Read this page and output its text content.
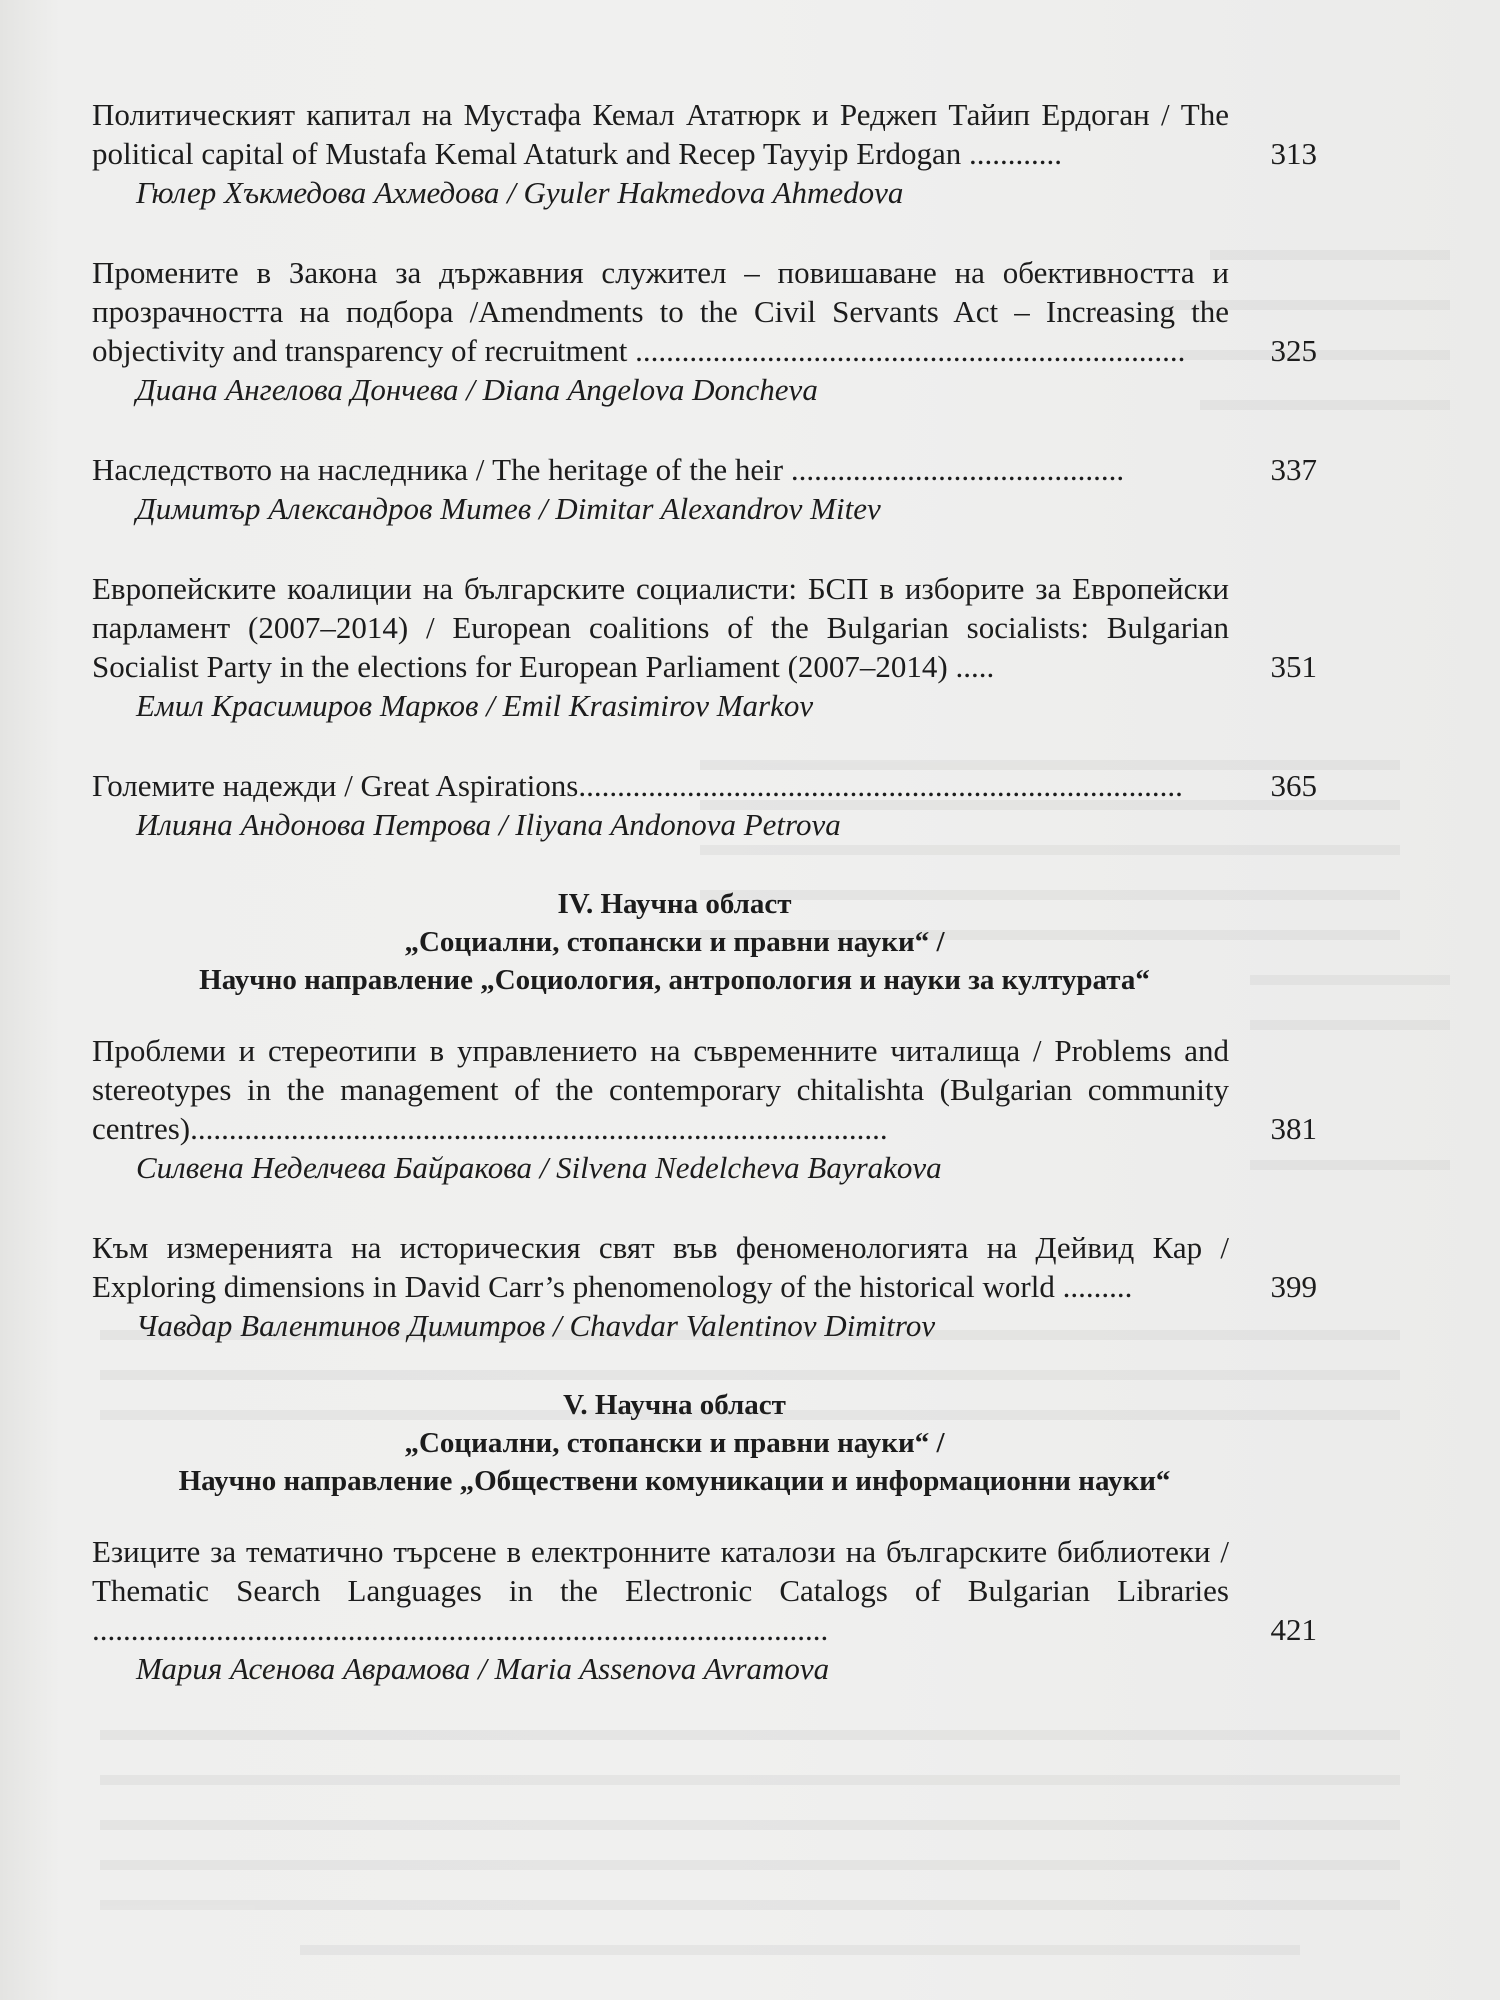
Политическият капитал на Мустафа Кемал Ататюрк и Реджеп Тайип Ердоган / The political capital of Mustafa Kemal Ataturk and Recep Tayyip Erdogan ............	313
Гюлер Хъкмедова Ахмедова / Gyuler Hakmedova Ahmedova
Промените в Закона за държавния служител – повишаване на обективността и прозрачността на подбора /Amendments to the Civil Servants Act – Increasing the objectivity and transparency of recruitment .......................................................................	325
Диана Ангелова Дончева / Diana Angelova Doncheva
Наследството на наследника / The heritage of the heir ...........................................	337
Димитър Александров Митев / Dimitar Alexandrov Mitev
Европейските коалиции на българските социалисти: БСП в изборите за Европейски парламент (2007–2014) / European coalitions of the Bulgarian socialists: Bulgarian Socialist Party in the elections for European Parliament (2007–2014) .....	351
Емил Красимиров Марков / Emil Krasimirov Markov
Големите надежди / Great Aspirations..............................................................................	365
Илияна Андонова Петрова / Iliyana Andonova Petrova
IV. Научна област
„Социални, стопански и правни науки“ /
Научно направление „Социология, антропология и науки за културата“
Проблеми и стереотипи в управлението на съвременните читалища / Problems and stereotypes in the management of the contemporary chitalishta (Bulgarian community centres)..........................................................................................	381
Силвена Неделчева Байракова / Silvena Nedelcheva Bayrakova
Към измеренията на историческия свят във феноменологията на Дейвид Кар / Exploring dimensions in David Carr’s phenomenology of the historical world .........	399
Чавдар Валентинов Димитров / Chavdar Valentinov Dimitrov
V. Научна област
„Социални, стопански и правни науки“ /
Научно направление „Обществени комуникации и информационни науки“
Езиците за тематично търсене в електронните каталози на българските библиотеки / Thematic Search Languages in the Electronic Catalogs of Bulgarian Libraries ...............................................................................................	421
Мария Асенова Аврамова / Maria Assenova Avramova
